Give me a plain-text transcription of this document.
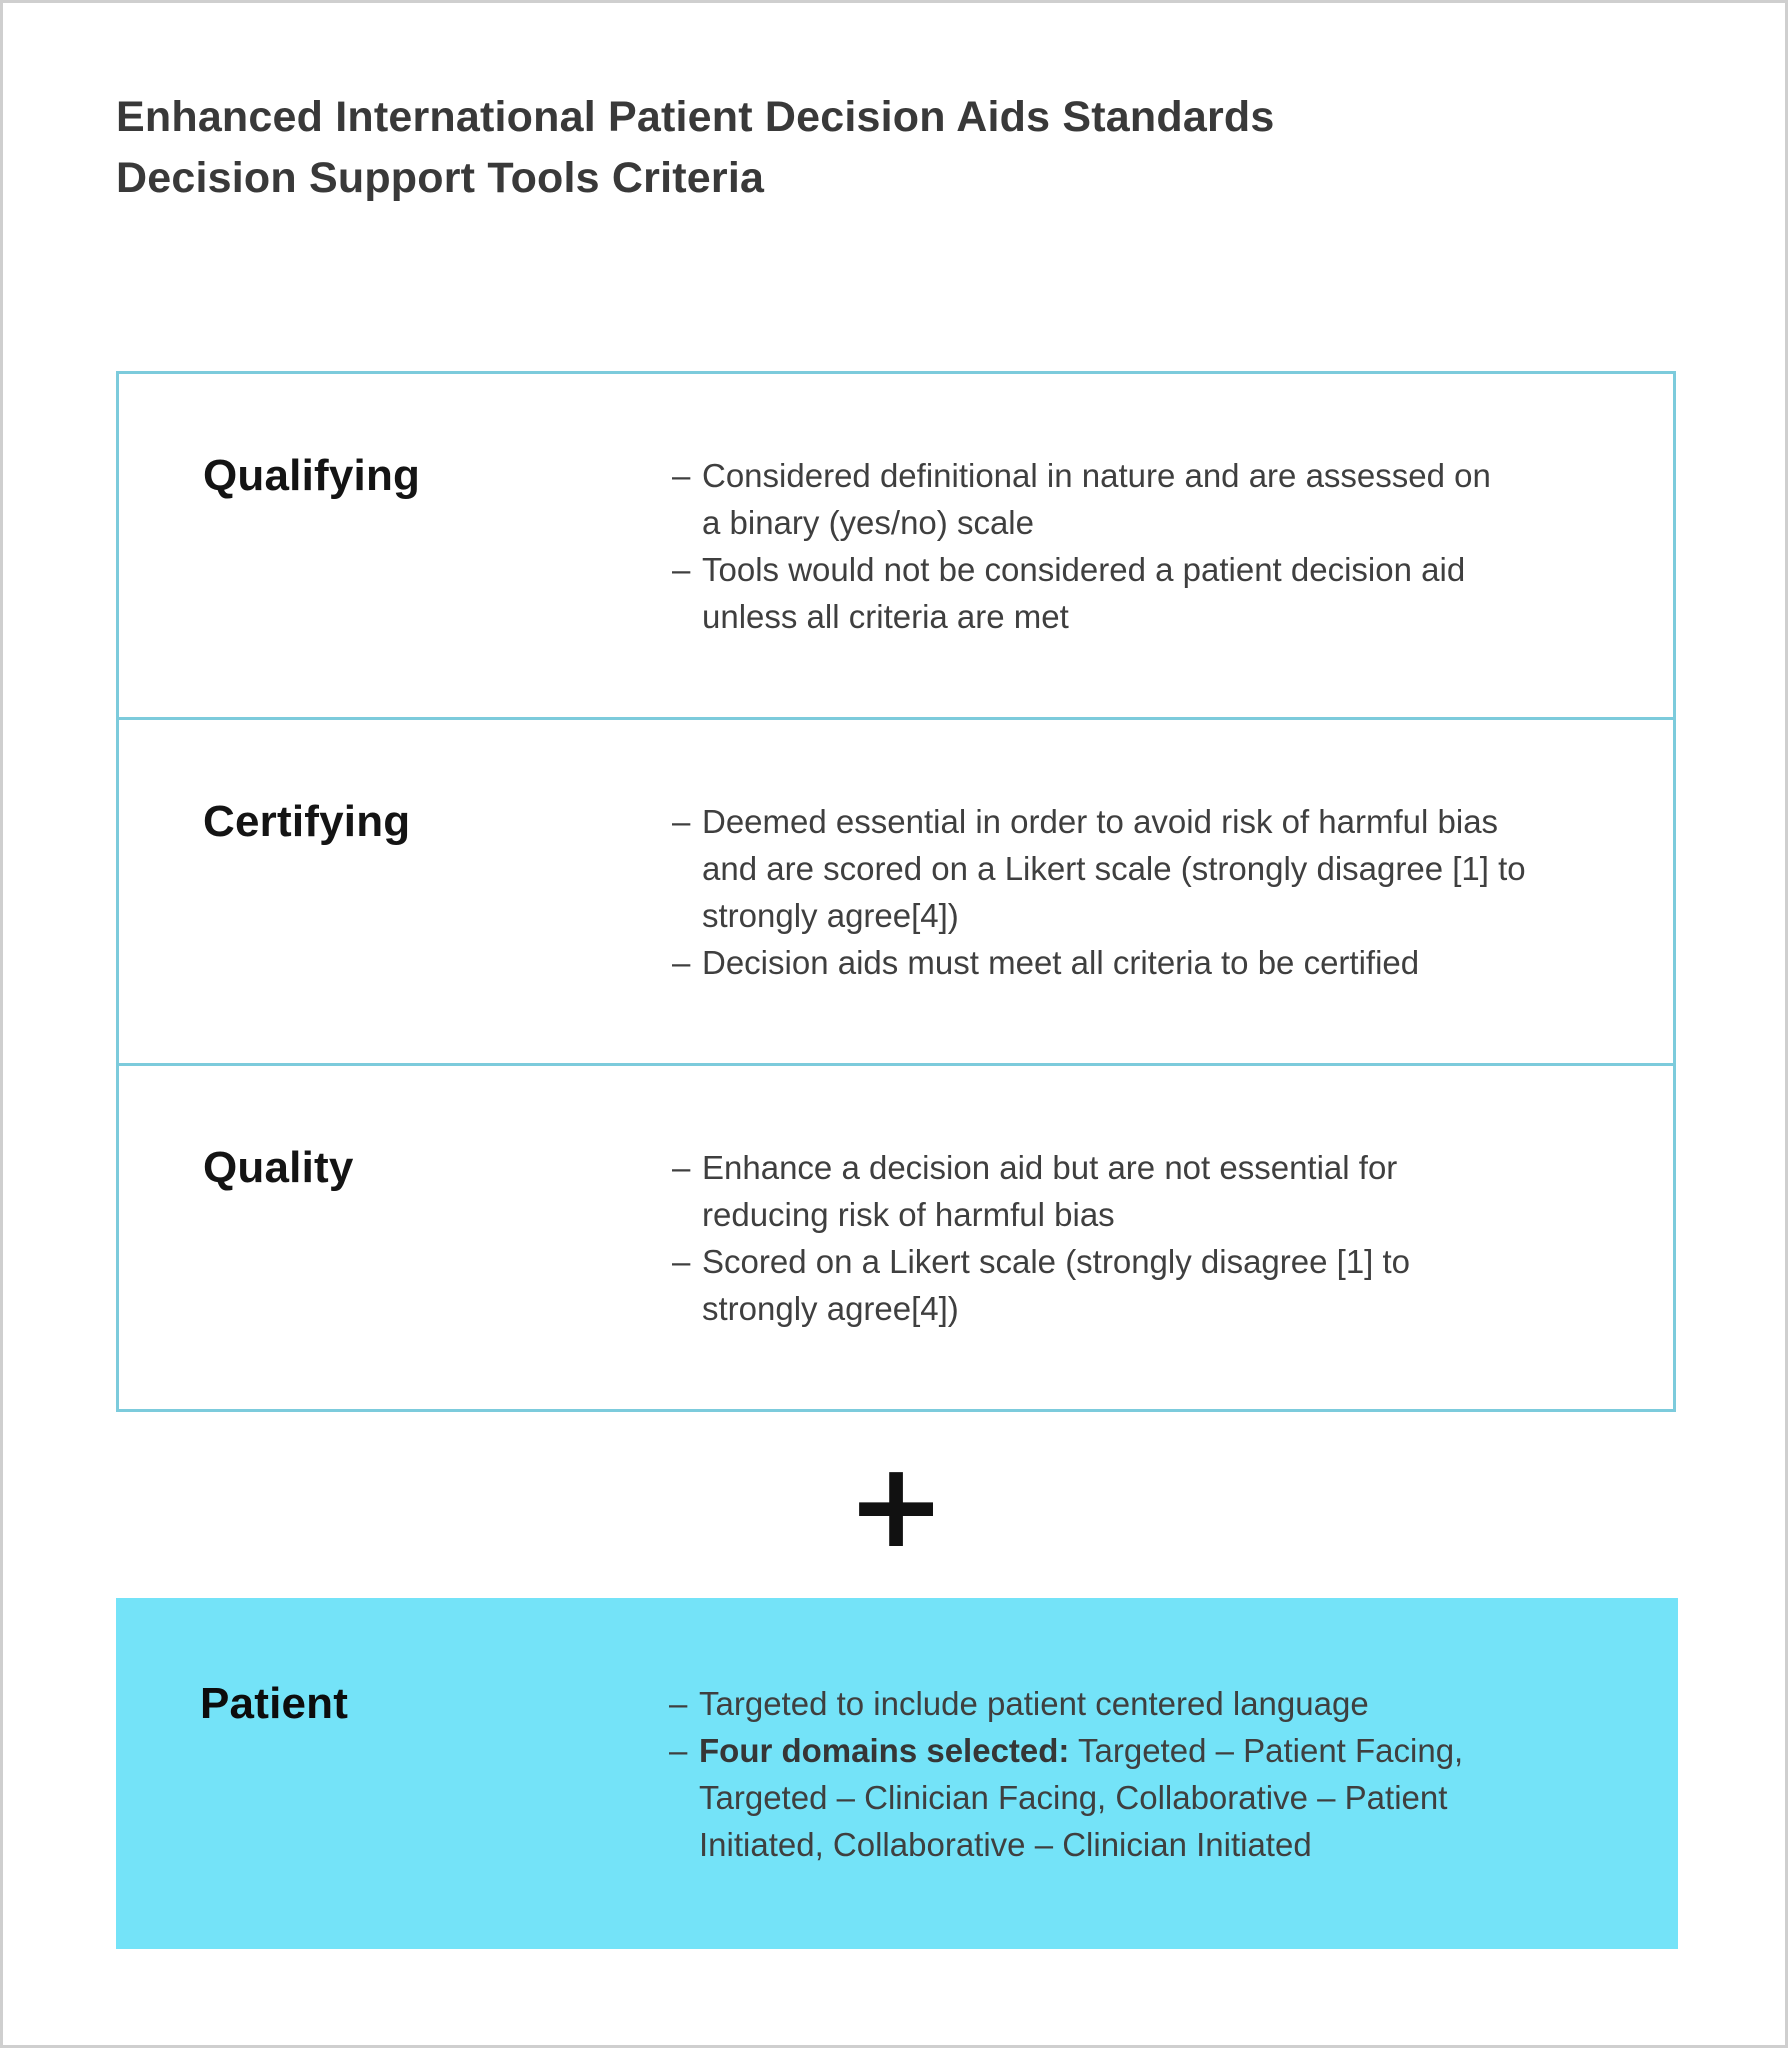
Enhanced International Patient Decision Aids Standards
Decision Support Tools Criteria
Qualifying	– Considered definitional in nature and are assessed on
a binary (yes/no) scale
– Tools would not be considered a patient decision aid
unless all criteria are met
Certifying	– Deemed essential in order to avoid risk of harmful bias
and are scored on a Likert scale (strongly disagree [1] to
strongly agree[4])
– Decision aids must meet all criteria to be certified
Quality	– Enhance a decision aid but are not essential for
reducing risk of harmful bias
– Scored on a Likert scale (strongly disagree [1] to
strongly agree[4])
+
Patient	– Targeted to include patient centered language
– Four domains selected: Targeted – Patient Facing,
Targeted – Clinician Facing, Collaborative – Patient
Initiated, Collaborative – Clinician Initiated
